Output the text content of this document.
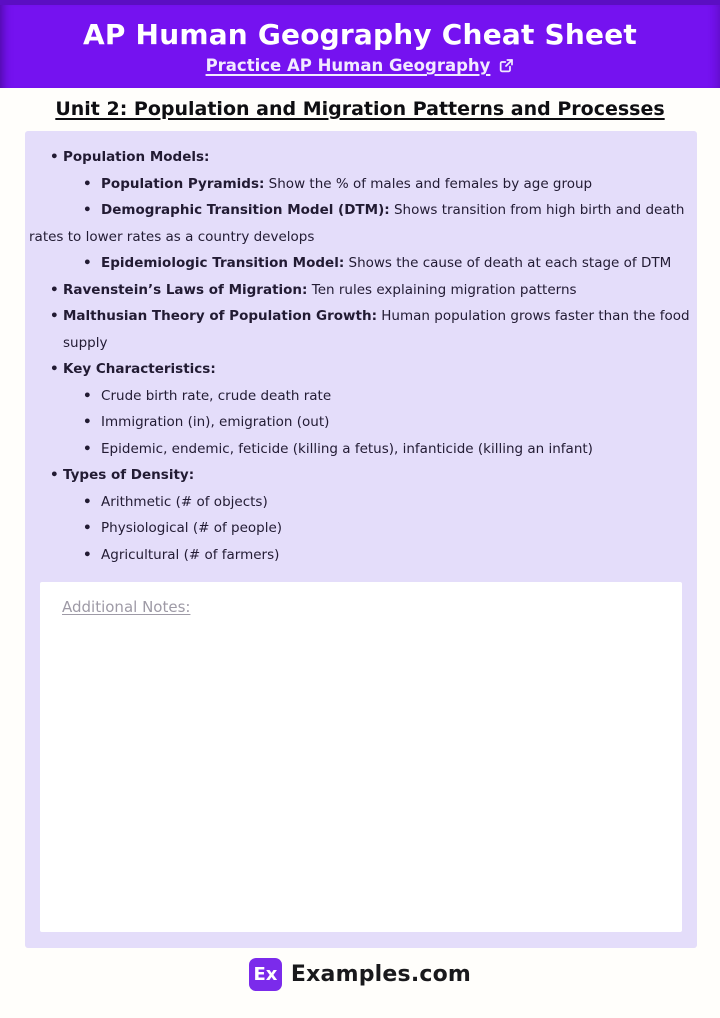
AP Human Geography Cheat Sheet
Practice AP Human Geography
Unit 2: Population and Migration Patterns and Processes
• Population Models:
•  Population Pyramids: Show the % of males and females by age group
•  Demographic Transition Model (DTM): Shows transition from high birth and death rates to lower rates as a country develops
•  Epidemiologic Transition Model: Shows the cause of death at each stage of DTM
• Ravenstein’s Laws of Migration: Ten rules explaining migration patterns
• Malthusian Theory of Population Growth: Human population grows faster than the food supply
• Key Characteristics:
•  Crude birth rate, crude death rate
•  Immigration (in), emigration (out)
•  Epidemic, endemic, feticide (killing a fetus), infanticide (killing an infant)
• Types of Density:
•  Arithmetic (# of objects)
•  Physiological (# of people)
•  Agricultural (# of farmers)
Additional Notes:
Ex Examples.com
